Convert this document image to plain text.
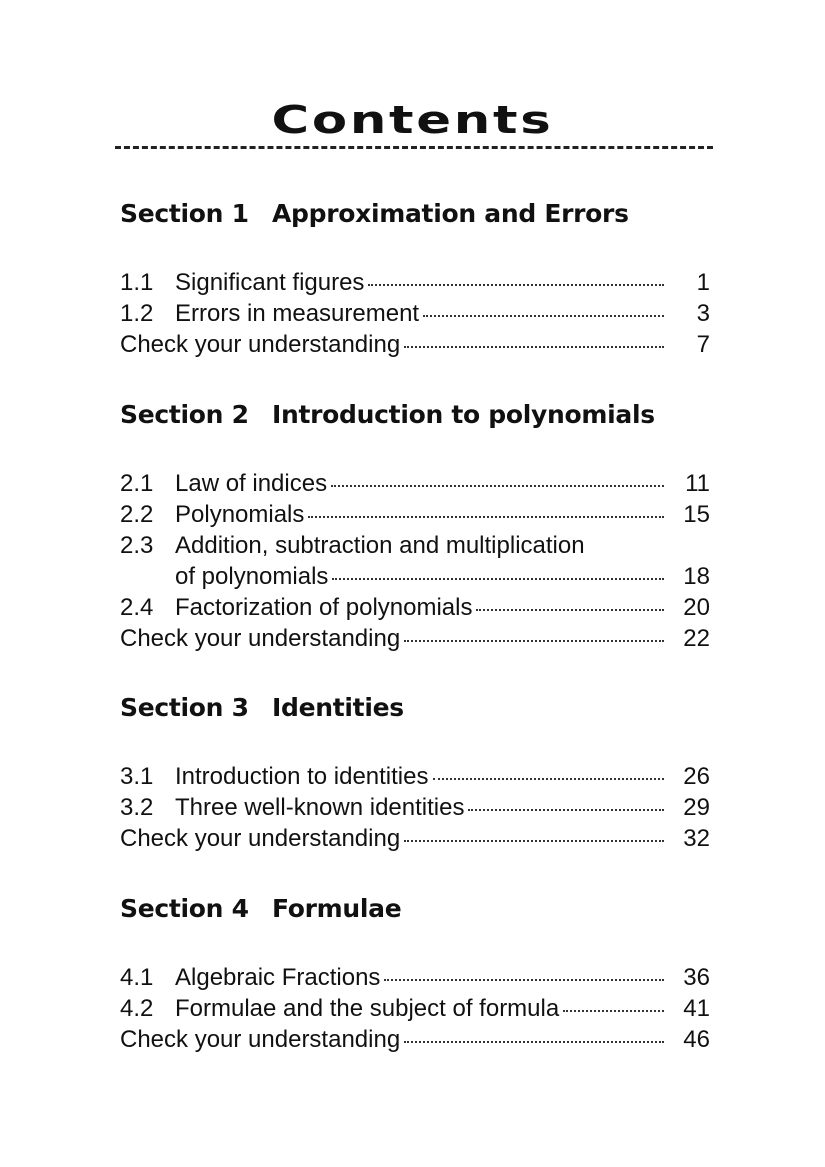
Contents
Section 1 Approximation and Errors
1.1 Significant figures	1
1.2 Errors in measurement	3
Check your understanding	7
Section 2 Introduction to polynomials
2.1 Law of indices	11
2.2 Polynomials	15
2.3 Addition, subtraction and multiplication
of polynomials	18
2.4 Factorization of polynomials	20
Check your understanding	22
Section 3 Identities
3.1 Introduction to identities	26
3.2 Three well-known identities	29
Check your understanding	32
Section 4 Formulae
4.1 Algebraic Fractions	36
4.2 Formulae and the subject of formula	41
Check your understanding	46
